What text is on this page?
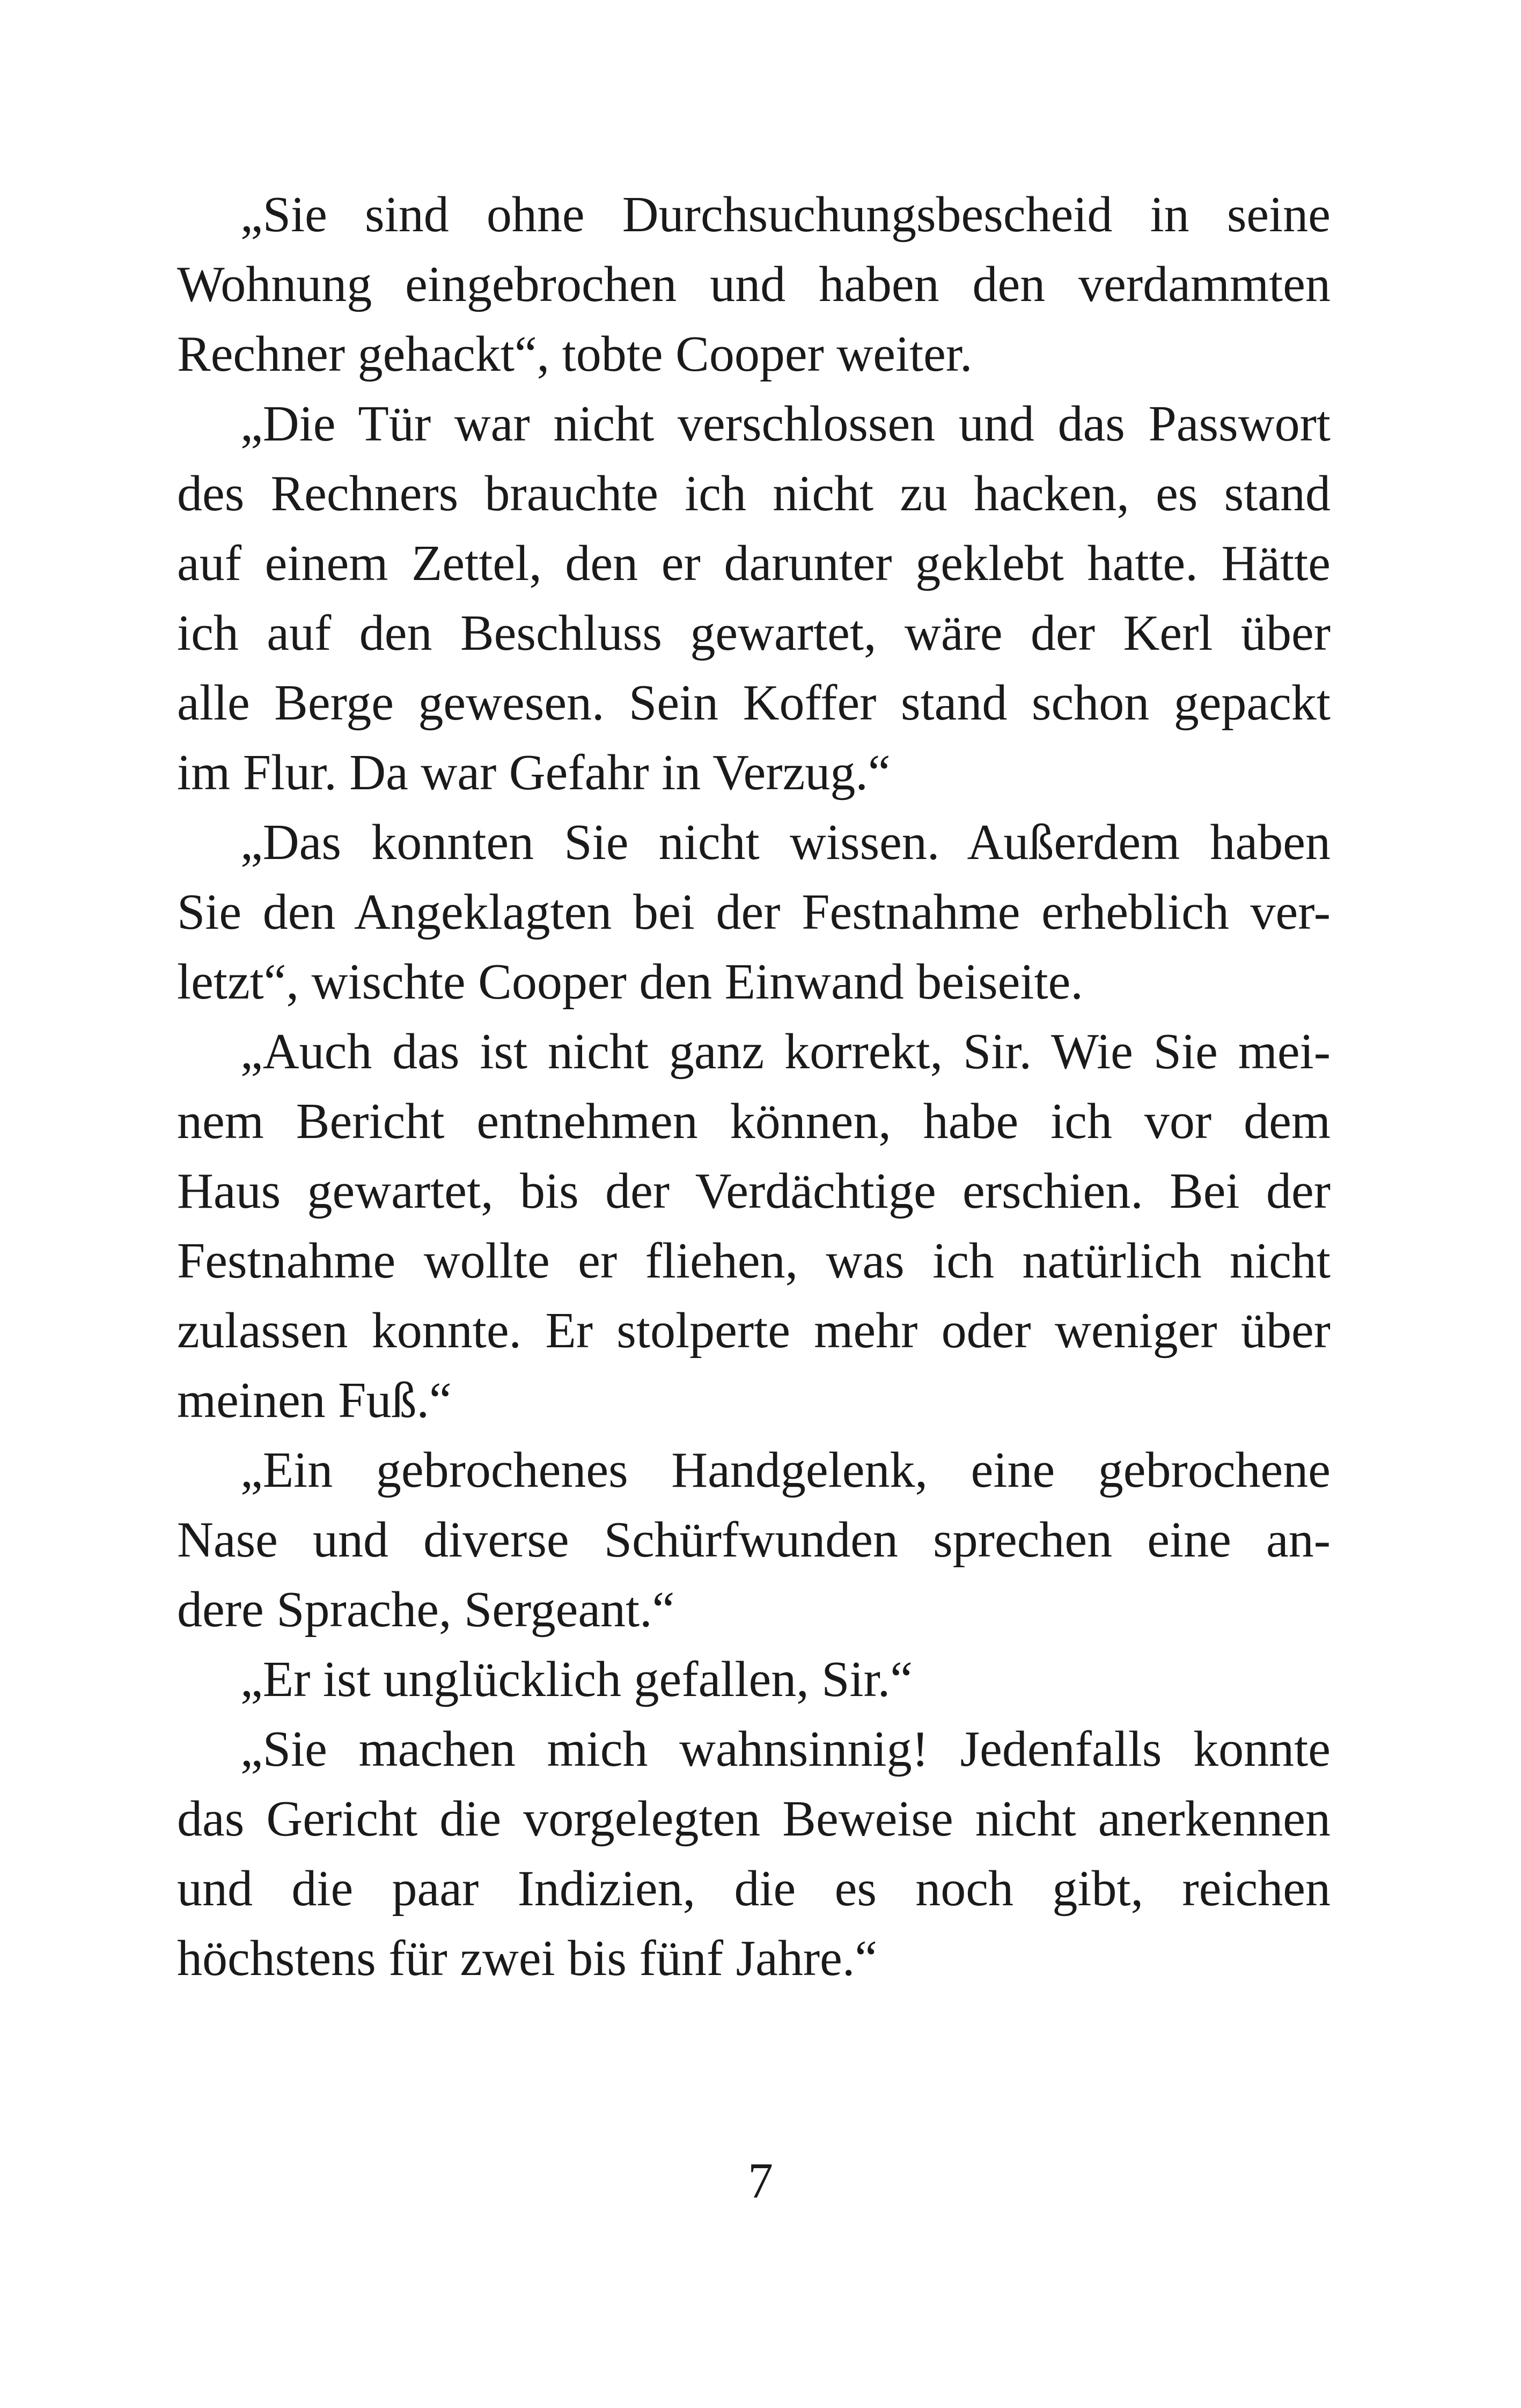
„Sie sind ohne Durchsuchungsbescheid in seine
Wohnung eingebrochen und haben den verdammten
Rechner gehackt“, tobte Cooper weiter.
„Die Tür war nicht verschlossen und das Passwort
des Rechners brauchte ich nicht zu hacken, es stand
auf einem Zettel, den er darunter geklebt hatte. Hätte
ich auf den Beschluss gewartet, wäre der Kerl über
alle Berge gewesen. Sein Koffer stand schon gepackt
im Flur. Da war Gefahr in Verzug.“
„Das konnten Sie nicht wissen. Außerdem haben
Sie den Angeklagten bei der Festnahme erheblich ver-
letzt“, wischte Cooper den Einwand beiseite.
„Auch das ist nicht ganz korrekt, Sir. Wie Sie mei-
nem Bericht entnehmen können, habe ich vor dem
Haus gewartet, bis der Verdächtige erschien. Bei der
Festnahme wollte er fliehen, was ich natürlich nicht
zulassen konnte. Er stolperte mehr oder weniger über
meinen Fuß.“
„Ein gebrochenes Handgelenk, eine gebrochene
Nase und diverse Schürfwunden sprechen eine an-
dere Sprache, Sergeant.“
„Er ist unglücklich gefallen, Sir.“
„Sie machen mich wahnsinnig! Jedenfalls konnte
das Gericht die vorgelegten Beweise nicht anerkennen
und die paar Indizien, die es noch gibt, reichen
höchstens für zwei bis fünf Jahre.“
7
